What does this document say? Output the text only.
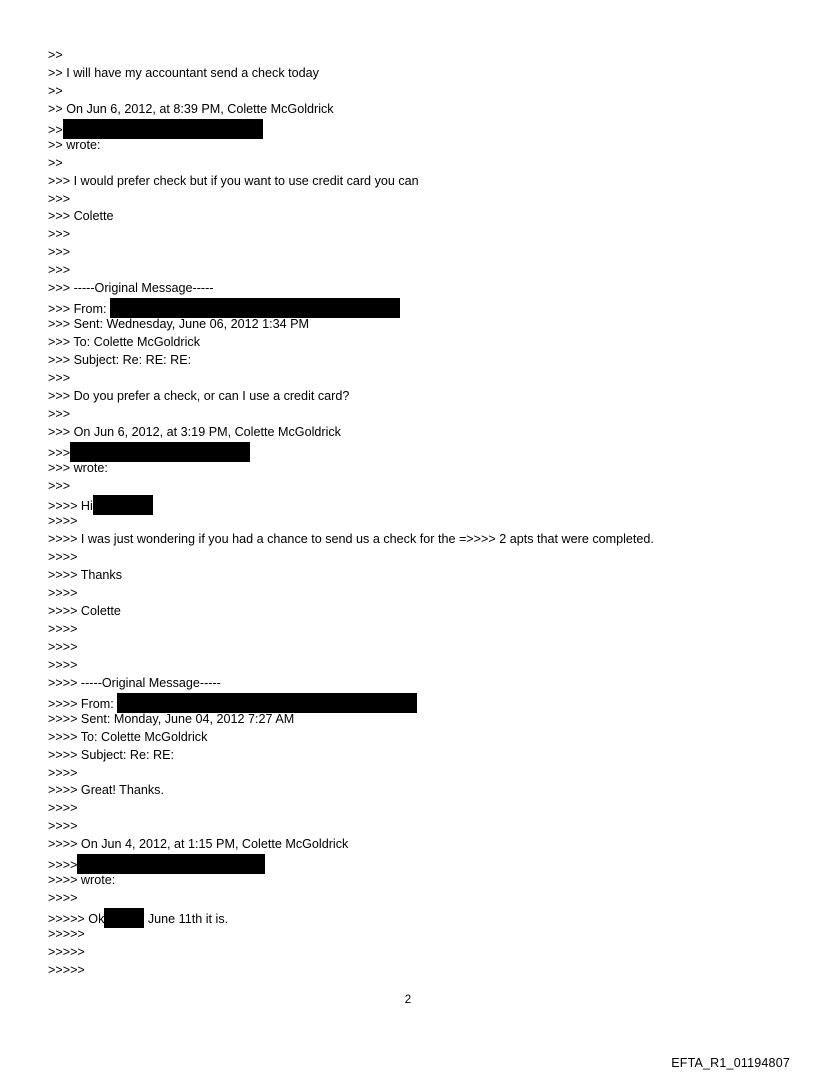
>>
>> I will have my accountant send a check today
>>
>> On Jun 6, 2012, at 8:39 PM, Colette McGoldrick
>>
>> wrote:
>>
>>> I would prefer check but if you want to use credit card you can
>>>
>>> Colette
>>>
>>>
>>>
>>> -----Original Message-----
>>> From:
>>> Sent: Wednesday, June 06, 2012 1:34 PM
>>> To: Colette McGoldrick
>>> Subject: Re: RE: RE:
>>>
>>> Do you prefer a check, or can I use a credit card?
>>>
>>> On Jun 6, 2012, at 3:19 PM, Colette McGoldrick
>>>
>>> wrote:
>>>
>>>> Hi
>>>>
>>>> I was just wondering if you had a chance to send us a check for the =>>>> 2 apts that were completed.
>>>>
>>>> Thanks
>>>>
>>>> Colette
>>>>
>>>>
>>>>
>>>> -----Original Message-----
>>>> From:
>>>> Sent: Monday, June 04, 2012 7:27 AM
>>>> To: Colette McGoldrick
>>>> Subject: Re: RE:
>>>>
>>>> Great! Thanks.
>>>>
>>>>
>>>> On Jun 4, 2012, at 1:15 PM, Colette McGoldrick
>>>>
>>>> wrote:
>>>>
>>>>> Ok	June 11th it is.
>>>>>
>>>>>
>>>>>
2
EFTA_R1_01194807
